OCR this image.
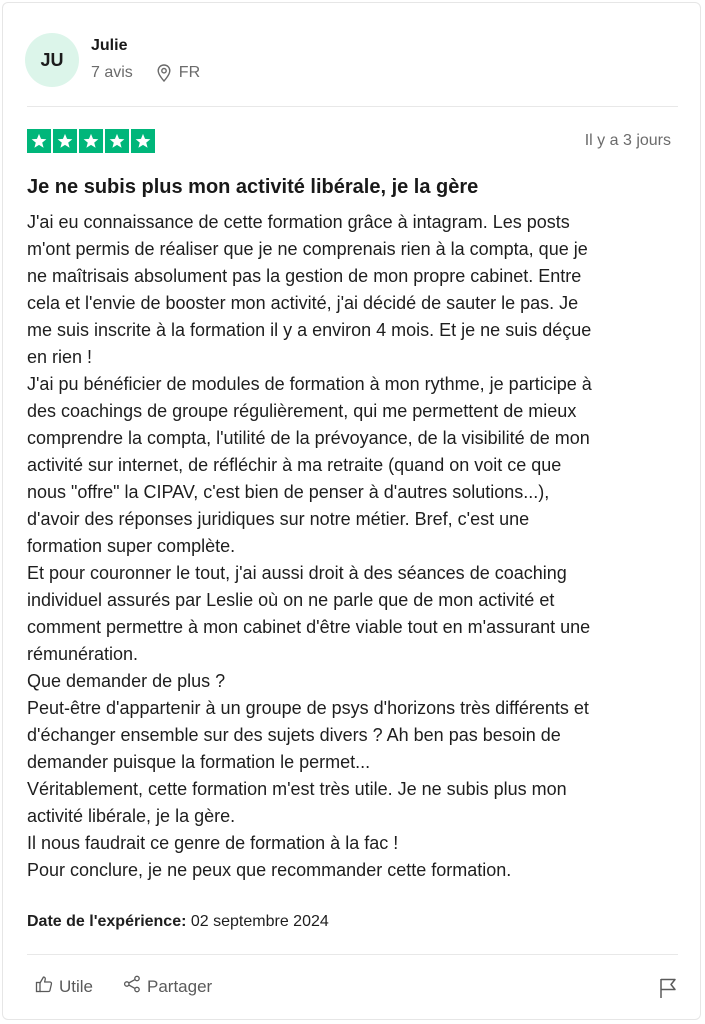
JU
Julie
7 avis	FR
Il y a 3 jours
Je ne subis plus mon activité libérale, je la gère

J'ai eu connaissance de cette formation grâce à intagram. Les posts

m'ont permis de réaliser que je ne comprenais rien à la compta, que je

ne maîtrisais absolument pas la gestion de mon propre cabinet. Entre

cela et l'envie de booster mon activité, j'ai décidé de sauter le pas. Je

me suis inscrite à la formation il y a environ 4 mois. Et je ne suis déçue

en rien !

J'ai pu bénéficier de modules de formation à mon rythme, je participe à

des coachings de groupe régulièrement, qui me permettent de mieux

comprendre la compta, l'utilité de la prévoyance, de la visibilité de mon

activité sur internet, de réfléchir à ma retraite (quand on voit ce que

nous "offre" la CIPAV, c'est bien de penser à d'autres solutions...),

d'avoir des réponses juridiques sur notre métier. Bref, c'est une

formation super complète.

Et pour couronner le tout, j'ai aussi droit à des séances de coaching

individuel assurés par Leslie où on ne parle que de mon activité et

comment permettre à mon cabinet d'être viable tout en m'assurant une

rémunération.

Que demander de plus ?

Peut-être d'appartenir à un groupe de psys d'horizons très différents et

d'échanger ensemble sur des sujets divers ? Ah ben pas besoin de

demander puisque la formation le permet...

Véritablement, cette formation m'est très utile. Je ne subis plus mon

activité libérale, je la gère.

Il nous faudrait ce genre de formation à la fac !

Pour conclure, je ne peux que recommander cette formation.

Date de l'expérience: 02 septembre 2024
Utile	Partager
